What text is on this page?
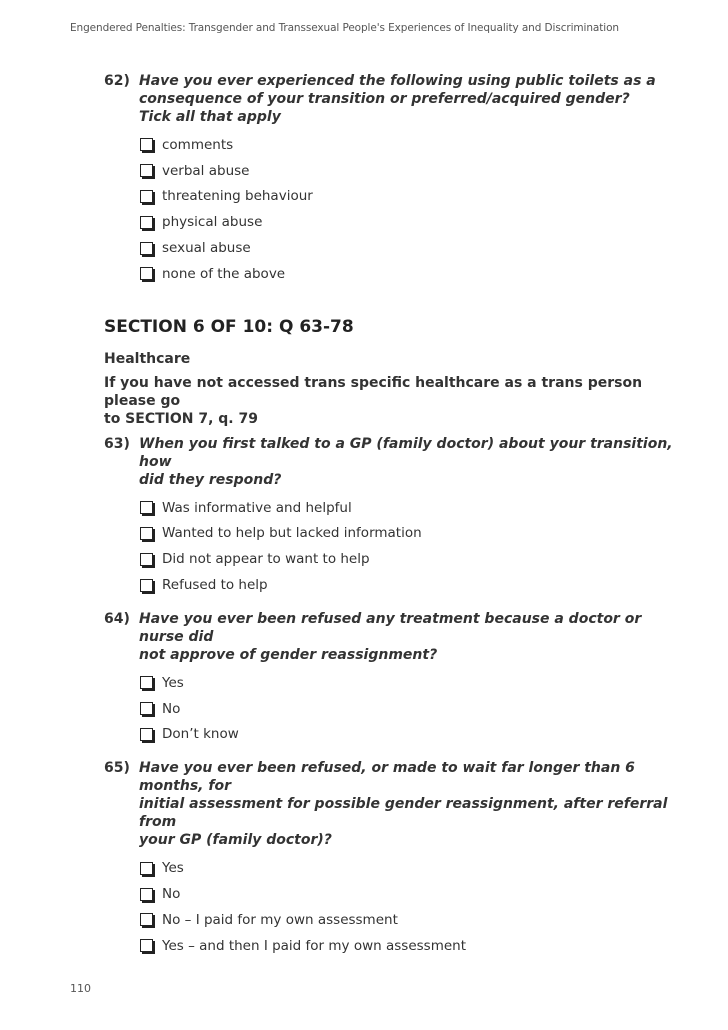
Engendered Penalties: Transgender and Transsexual People's Experiences of Inequality and Discrimination
62) Have you ever experienced the following using public toilets as a
consequence of your transition or preferred/acquired gender?
Tick all that apply
comments
verbal abuse
threatening behaviour
physical abuse
sexual abuse
none of the above
SECTION 6 OF 10: Q 63-78
Healthcare
If you have not accessed trans specific healthcare as a trans person please go
to SECTION 7, q. 79
63) When you first talked to a GP (family doctor) about your transition, how
did they respond?
Was informative and helpful
Wanted to help but lacked information
Did not appear to want to help
Refused to help
64) Have you ever been refused any treatment because a doctor or nurse did
not approve of gender reassignment?
Yes
No
Don’t know
65) Have you ever been refused, or made to wait far longer than 6 months, for
initial assessment for possible gender reassignment, after referral from
your GP (family doctor)?
Yes
No
No – I paid for my own assessment
Yes – and then I paid for my own assessment
110
